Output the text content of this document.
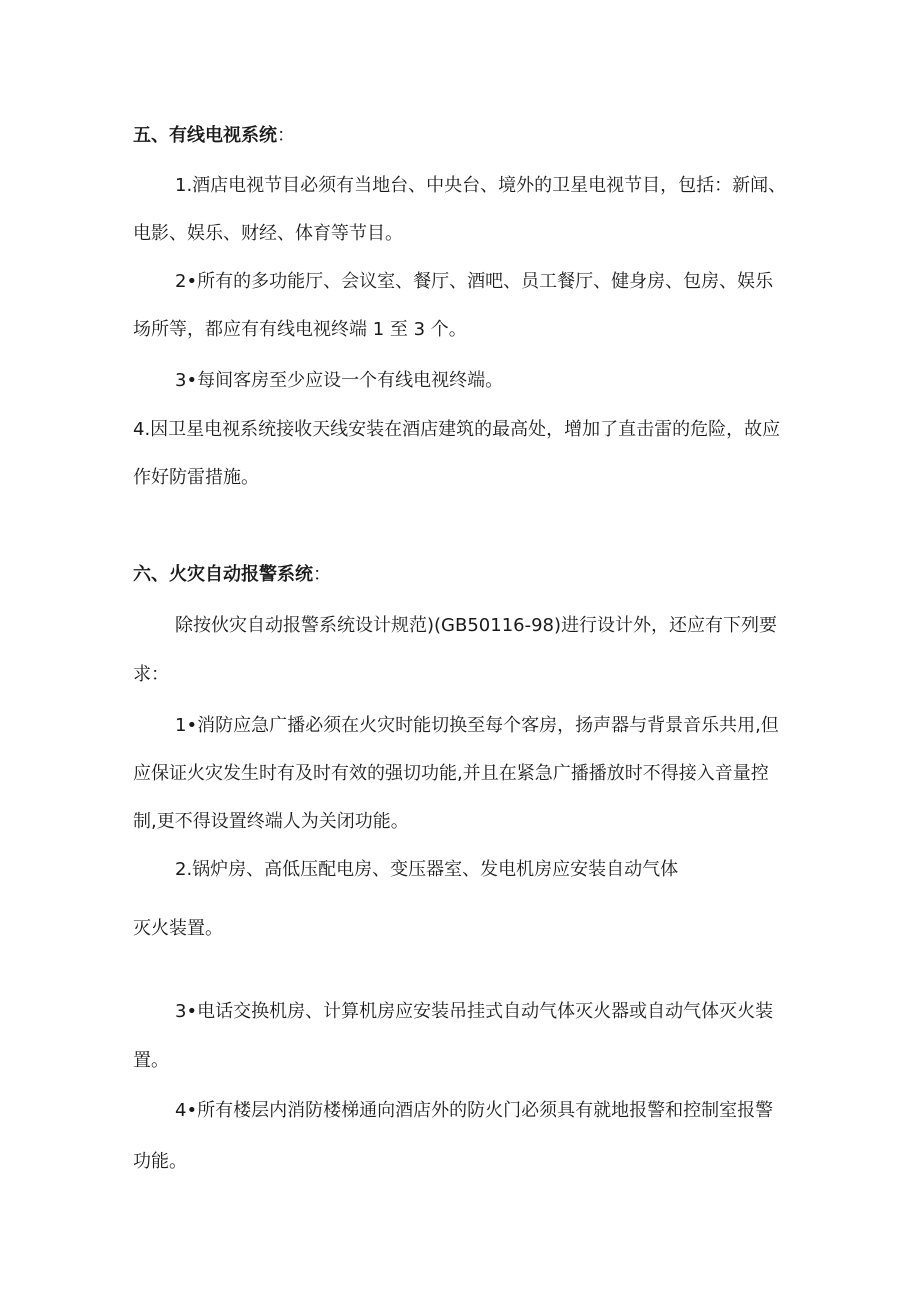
五、有线电视系统：
1.酒店电视节目必须有当地台、中央台、境外的卫星电视节目，包括：新闻、
电影、娱乐、财经、体育等节目。
2•所有的多功能厅、会议室、餐厅、酒吧、员工餐厅、健身房、包房、娱乐
场所等，都应有有线电视终端 1 至 3 个。
3•每间客房至少应设一个有线电视终端。
4.因卫星电视系统接收天线安装在酒店建筑的最高处，增加了直击雷的危险，故应
作好防雷措施。
六、火灾自动报警系统：
除按伙灾自动报警系统设计规范)(GB50116-98)进行设计外，还应有下列要
求：
1•消防应急广播必须在火灾时能切换至每个客房，扬声器与背景音乐共用,但
应保证火灾发生时有及时有效的强切功能,并且在紧急广播播放时不得接入音量控
制,更不得设置终端人为关闭功能。
2.锅炉房、高低压配电房、变压器室、发电机房应安装自动气体
灭火装置。
3•电话交换机房、计算机房应安装吊挂式自动气体灭火器或自动气体灭火装
置。
4•所有楼层内消防楼梯通向酒店外的防火门必须具有就地报警和控制室报警
功能。
